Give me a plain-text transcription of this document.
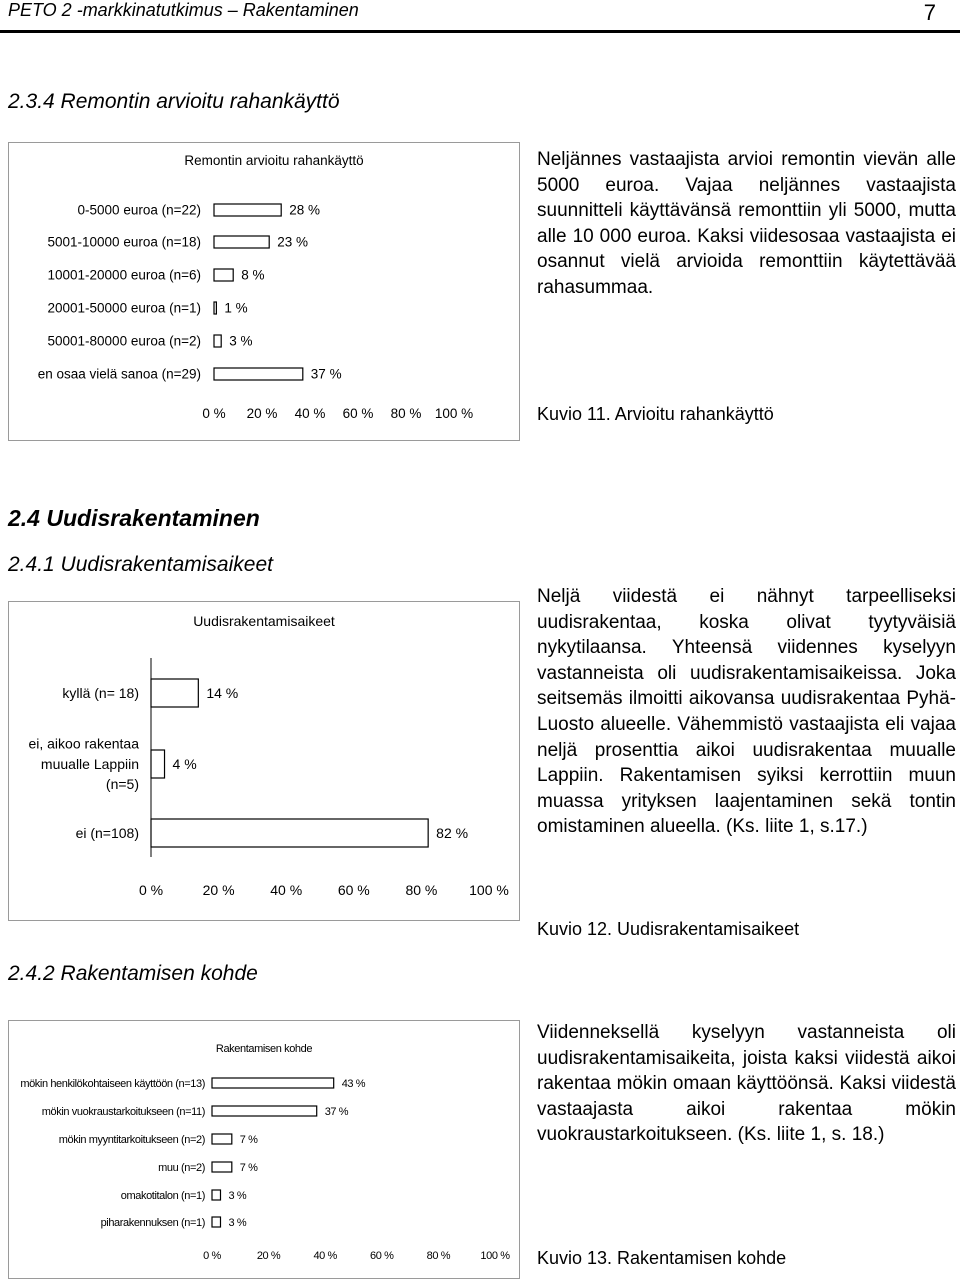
PETO 2 -markkinatutkimus – Rakentaminen	7
2.3.4 Remontin arvioitu rahankäyttö
Remontin arvioitu rahankäyttö
28 %
0-5000 euroa (n=22)
23 %
5001-10000 euroa (n=18)
8 %
10001-20000 euroa (n=6)
1 %
20001-50000 euroa (n=1)
3 %
50001-80000 euroa (n=2)
37 %
en osaa vielä sanoa (n=29)
0 % 20 % 40 % 60 % 80 % 100 %
Neljännes vastaajista arvioi remontin vievän alle 5000 euroa. Vajaa neljännes vastaajista suunnitteli käyttävänsä remonttiin yli 5000, mutta alle 10 000 euroa. Kaksi viidesosaa vastaajista ei osannut vielä arvioida remonttiin käytettävää rahasummaa.
Kuvio 11. Arvioitu rahankäyttö
2.4 Uudisrakentaminen
2.4.1 Uudisrakentamisaikeet
Uudisrakentamisaikeet
14 %
kyllä (n= 18)
4 %
ei, aikoo rakentaa
muualle Lappiin
(n=5)
82 %
ei (n=108)
0 %	20 %	40 %	60 %	80 % 100 %
Neljä viidestä ei nähnyt tarpeelliseksi uudisrakentaa, koska olivat tyytyväisiä nykytilaansa. Yhteensä viidennes kyselyyn vastanneista oli uudisrakentamisaikeissa. Joka seitsemäs ilmoitti aikovansa uudisrakentaa Pyhä-Luosto alueelle. Vähemmistö vastaajista eli vajaa neljä prosenttia aikoi uudisrakentaa muualle Lappiin. Rakentamisen syiksi kerrottiin muun muassa yrityksen laajentaminen sekä tontin omistaminen alueella. (Ks. liite 1, s.17.)
Kuvio 12. Uudisrakentamisaikeet
2.4.2 Rakentamisen kohde
Rakentamisen kohde
43 %
mökin henkilökohtaiseen käyttöön (n=13)
37 %
mökin vuokraustarkoitukseen (n=11)
7 %
mökin myyntitarkoitukseen (n=2)
7 %
muu (n=2)
3 %
omakotitalon (n=1)
3 %
piharakennuksen (n=1)
0 %	20 %	40 %	60 %	80 %	100 %
Viidenneksellä kyselyyn vastanneista oli uudisrakentamisaikeita, joista kaksi viidestä aikoi rakentaa mökin omaan käyttöönsä. Kaksi viidestä vastaajasta aikoi rakentaa mökin vuokraustarkoitukseen. (Ks. liite 1, s. 18.)
Kuvio 13. Rakentamisen kohde
